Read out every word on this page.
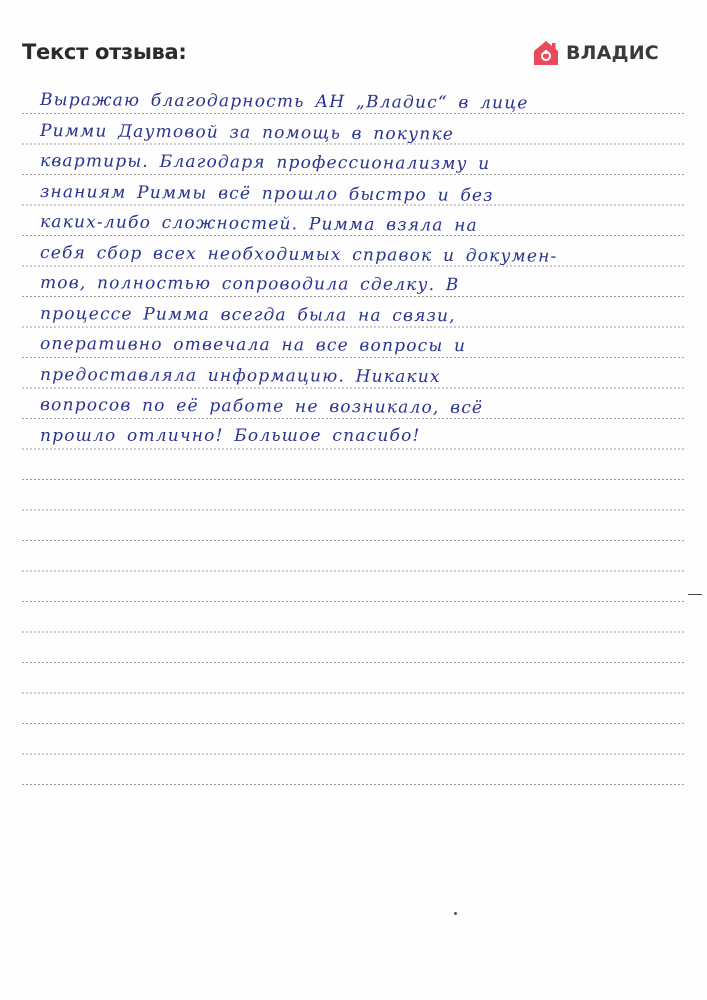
Текст отзыва:	ВЛАДИС
Выражаю благодарность АН „Владис“ в лице
Римми Даутовой за помощь в покупке
квартиры. Благодаря профессионализму и
знаниям Риммы всё прошло быстро и без
каких-либо сложностей. Римма взяла на
себя сбор всех необходимых справок и докумен-
тов, полностью сопроводила сделку. В
процессе Римма всегда была на связи,
оперативно отвечала на все вопросы и
предоставляла информацию. Никаких
вопросов по её работе не возникало, всё
прошло отлично! Большое спасибо!
